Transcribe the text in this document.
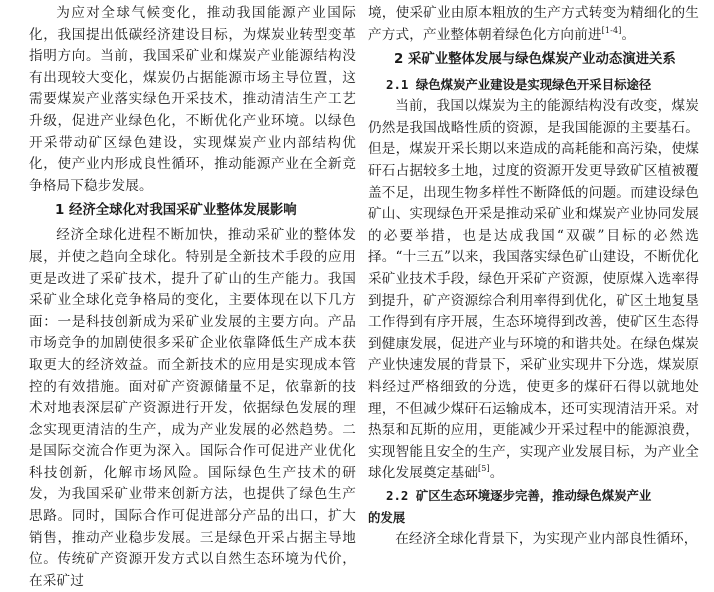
为应对全球气候变化，推动我国能源产业国际化，我国提出低碳经济建设目标，为煤炭业转型变革指明方向。当前，我国采矿业和煤炭产业能源结构没有出现较大变化，煤炭仍占据能源市场主导位置，这需要煤炭产业落实绿色开采技术，推动清洁生产工艺升级，促进产业绿色化，不断优化产业环境。以绿色开采带动矿区绿色建设，实现煤炭产业内部结构优化，使产业内形成良性循环，推动能源产业在全新竞争格局下稳步发展。

1 经济全球化对我国采矿业整体发展影响

经济全球化进程不断加快，推动采矿业的整体发展，并使之趋向全球化。特别是全新技术手段的应用更是改进了采矿技术，提升了矿山的生产能力。我国采矿业全球化竞争格局的变化，主要体现在以下几方面：一是科技创新成为采矿业发展的主要方向。产品市场竞争的加剧使很多采矿企业依靠降低生产成本获取更大的经济效益。而全新技术的应用是实现成本管控的有效措施。面对矿产资源储量不足，依靠新的技术对地表深层矿产资源进行开发，依据绿色发展的理念实现更清洁的生产，成为产业发展的必然趋势。二是国际交流合作更为深入。国际合作可促进产业优化科技创新，化解市场风险。国际绿色生产技术的研发，为我国采矿业带来创新方法，也提供了绿色生产思路。同时，国际合作可促进部分产品的出口，扩大销售，推动产业稳步发展。三是绿色开采占据主导地位。传统矿产资源开发方式以自然生态环境为代价，在采矿过

境，使采矿业由原本粗放的生产方式转变为精细化的生产方式，产业整体朝着绿色化方向前进[1-4]。

2 采矿业整体发展与绿色煤炭产业动态演进关系

2.1 绿色煤炭产业建设是实现绿色开采目标途径

当前，我国以煤炭为主的能源结构没有改变，煤炭仍然是我国战略性质的资源，是我国能源的主要基石。但是，煤炭开采长期以来造成的高耗能和高污染，使煤矸石占据较多土地，过度的资源开发更导致矿区植被覆盖不足，出现生物多样性不断降低的问题。而建设绿色矿山、实现绿色开采是推动采矿业和煤炭产业协同发展的必要举措，也是达成我国“双碳”目标的必然选择。“十三五”以来，我国落实绿色矿山建设，不断优化采矿业技术手段，绿色开采矿产资源，使原煤入选率得到提升，矿产资源综合利用率得到优化，矿区土地复垦工作得到有序开展，生态环境得到改善，使矿区生态得到健康发展，促进产业与环境的和谐共处。在绿色煤炭产业快速发展的背景下，采矿业实现井下分选，煤炭原料经过严格细致的分选，使更多的煤矸石得以就地处理，不但减少煤矸石运输成本，还可实现清洁开采。对热泵和瓦斯的应用，更能减少开采过程中的能源浪费，实现智能且安全的生产，实现产业发展目标，为产业全球化发展奠定基础[5]。

2.2 矿区生态环境逐步完善，推动绿色煤炭产业
的发展

在经济全球化背景下，为实现产业内部良性循环，
